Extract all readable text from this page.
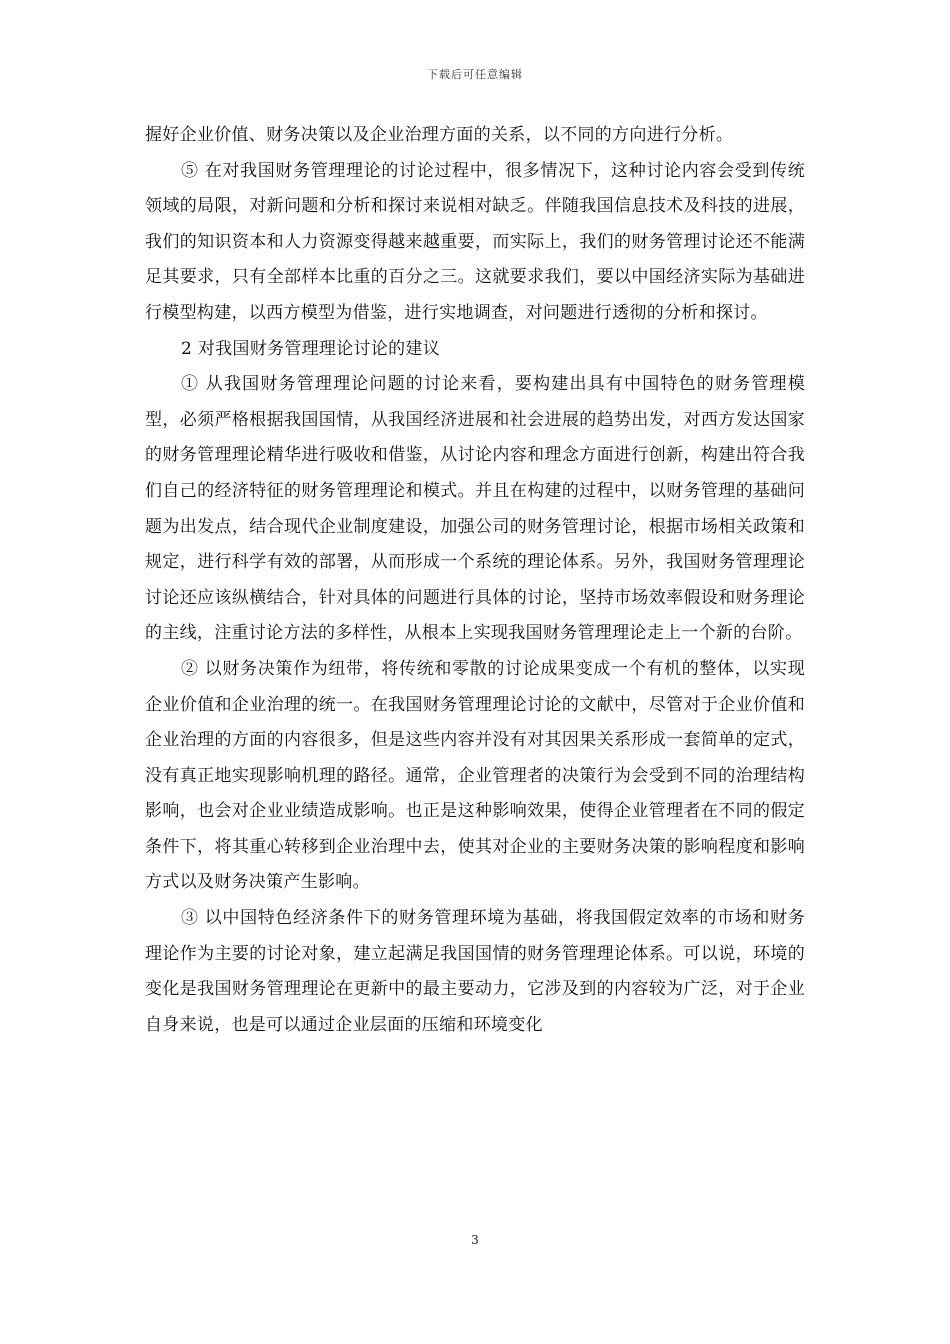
下载后可任意编辑

握好企业价值、财务决策以及企业治理方面的关系，以不同的方向进行分析。

⑤ 在对我国财务管理理论的讨论过程中，很多情况下，这种讨论内容会受到传统领域的局限，对新问题和分析和探讨来说相对缺乏。伴随我国信息技术及科技的进展，我们的知识资本和人力资源变得越来越重要，而实际上，我们的财务管理讨论还不能满足其要求，只有全部样本比重的百分之三。这就要求我们，要以中国经济实际为基础进行模型构建，以西方模型为借鉴，进行实地调查，对问题进行透彻的分析和探讨。

2 对我国财务管理理论讨论的建议

① 从我国财务管理理论问题的讨论来看，要构建出具有中国特色的财务管理模型，必须严格根据我国国情，从我国经济进展和社会进展的趋势出发，对西方发达国家的财务管理理论精华进行吸收和借鉴，从讨论内容和理念方面进行创新，构建出符合我们自己的经济特征的财务管理理论和模式。并且在构建的过程中，以财务管理的基础问题为出发点，结合现代企业制度建设，加强公司的财务管理讨论，根据市场相关政策和规定，进行科学有效的部署，从而形成一个系统的理论体系。另外，我国财务管理理论讨论还应该纵横结合，针对具体的问题进行具体的讨论，坚持市场效率假设和财务理论的主线，注重讨论方法的多样性，从根本上实现我国财务管理理论走上一个新的台阶。

② 以财务决策作为纽带，将传统和零散的讨论成果变成一个有机的整体，以实现企业价值和企业治理的统一。在我国财务管理理论讨论的文献中，尽管对于企业价值和企业治理的方面的内容很多，但是这些内容并没有对其因果关系形成一套简单的定式，没有真正地实现影响机理的路径。通常，企业管理者的决策行为会受到不同的治理结构影响，也会对企业业绩造成影响。也正是这种影响效果，使得企业管理者在不同的假定条件下，将其重心转移到企业治理中去，使其对企业的主要财务决策的影响程度和影响方式以及财务决策产生影响。

③ 以中国特色经济条件下的财务管理环境为基础，将我国假定效率的市场和财务理论作为主要的讨论对象，建立起满足我国国情的财务管理理论体系。可以说，环境的变化是我国财务管理理论在更新中的最主要动力，它涉及到的内容较为广泛，对于企业自身来说，也是可以通过企业层面的压缩和环境变化

3
